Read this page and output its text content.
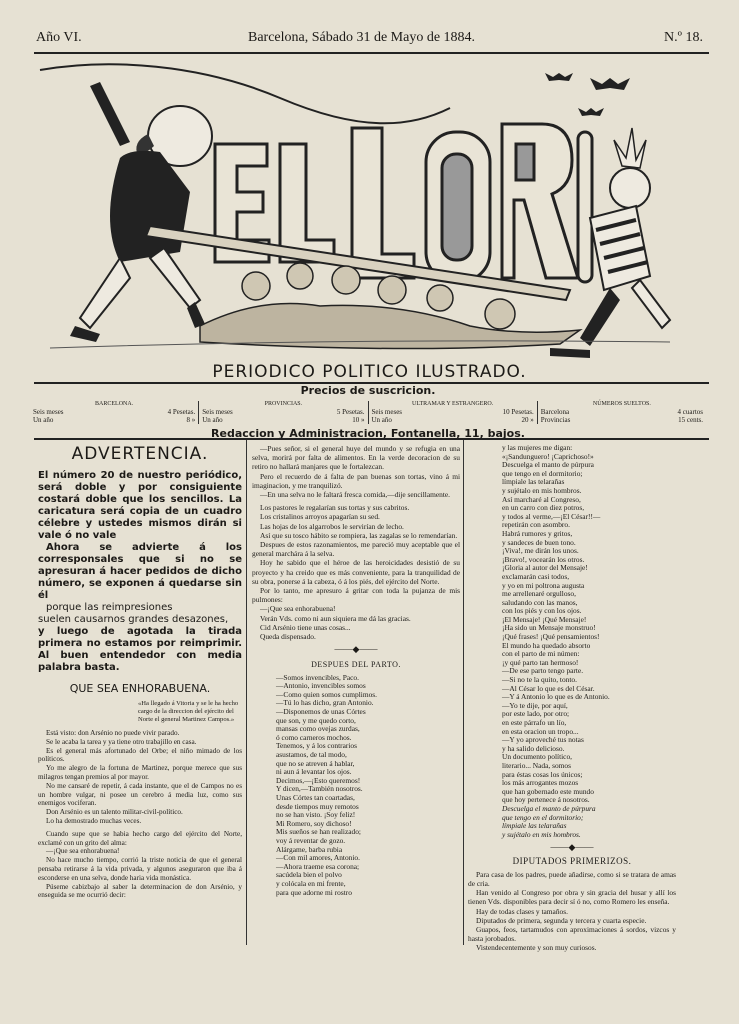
Año VI.	Barcelona, Sábado 31 de Mayo de 1884.	N.º 18.
EL LORO
PERIODICO POLITICO ILUSTRADO.
Precios de suscricion.
BARCELONA.
Seis meses	4 Pesetas.
Un año	8 »
PROVINCIAS.
Seis meses	5 Pesetas.
Un año	10 »
ULTRAMAR Y ESTRANGERO.
Seis meses	10 Pesetas.
Un año	20 »
NÚMEROS SUELTOS.
Barcelona	4 cuartos
Provincias	15 cents.
Redaccion y Administracion, Fontanella, 11, bajos.
ADVERTENCIA.

El número 20 de nuestro periódico, será doble y por consiguiente costará doble que los sencillos. La caricatura será copia de un cuadro célebre y ustedes mismos dirán si vale ó no vale

Ahora se advierte á los corresponsales que si no se apresuran á hacer pedidos de dicho número, se exponen á quedarse sin él

porque las reimpresiones

suelen causarnos grandes desazones,

y luego de agotada la tirada primera no estamos por reimprimir. Al buen entendedor con media palabra basta.

QUE SEA ENHORABUENA.
«Ha llegado á Vitoria y se le ha hecho cargo de la direccion del ejército del Norte el general Martinez Campos.»

Está visto: don Arsénio no puede vivir parado.

Se le acaba la tarea y ya tiene otro trabajillo en casa.

Es el general más afortunado del Orbe; el niño mimado de los políticos.

Yo me alegro de la fortuna de Martinez, porque merece que sus milagros tengan premios al por mayor.

No me cansaré de repetir, á cada instante, que el de Campos no es un hombre vulgar, ni posee un cerebro á media luz, como sus enemigos vociferan.

Don Arsénio es un talento militar-civil-político.

Lo ha demostrado muchas veces.

Cuando supe que se habia hecho cargo del ejército del Norte, exclamé con un grito del alma:

—¡Que sea enhorabuena!

No hace mucho tiempo, corrió la triste noticia de que el general pensaba retirarse á la vida privada, y algunos aseguraron que iba á esconderse en una selva, donde haria vida monástica.

Púseme cabizbajo al saber la determinacion de don Arsénio, y enseguida se me ocurrió decir:

—Pues señor, si el general huye del mundo y se refugia en una selva, morirá por falta de alimentos. En la verde decoracion de su retiro no hallará manjares que le fortalezcan.

Pero el recuerdo de á falta de pan buenas son tortas, vino á mi imaginacion, y me tranquilizó.

—En una selva no le faltará fresca comida,—dije sencillamente.

Los pastores le regalarían sus tortas y sus cabritos.

Los cristalinos arroyos apagarían su sed.

Las hojas de los algarrobos le servirían de lecho.

Así que su tosco hábito se rompiera, las zagalas se lo remendarían.

Despues de estos razonamientos, me pareció muy aceptable que el general marchára á la selva.

Hoy he sabido que el héroe de las heroicidades desistió de su proyecto y ha creido que es más conveniente, para la tranquilidad de su obra, ponerse á la cabeza, ó á los piés, del ejército del Norte.

Por lo tanto, me apresuro á gritar con toda la pujanza de mis pulmones:

—¡Que sea enhorabuena!

Verán Vds. como ni aun siquiera me dá las gracias.

Cid Arsénio tiene unas cosas...

Queda dispensado.

——◆——
DESPUES DEL PARTO.
—Somos invencibles, Paco.
—Antonio, invencibles somos
—Como quien somos cumplimos.
—Tú lo has dicho, gran Antonio.
—Disponemos de unas Córtes
que son, y me quedo corto,
mansas como ovejas zurdas,
ó como carneros mochos.
Tenemos, y á los contrarios
asustamos, de tal modo,
que no se atreven á hablar,
ni aun á levantar los ojos.
Decimos,—¡Esto queremos!
Y dicen,—También nosotros.
Unas Córtes tan coartadas,
desde tiempos muy remotos
no se han visto. ¡Soy feliz!
Mi Romero, soy dichoso!
Mis sueños se han realizado;
voy á reventar de gozo.
Alárgame, barba rubia
—Con mil amores, Antonio.
—Ahora traeme esa corona;
sacúdela bien el polvo
y colócala en mi frente,
para que adorne mi rostro
y las mujeres me digan:
«¡Sandunguero! ¡Caprichoso!»
Descuelga el manto de púrpura
que tengo en el dormitorio;
límpiale las telarañas
y sujétalo en mis hombros.
Así marcharé al Congreso,
en un carro con diez potros,
y todos al verme,—¡El César!!—
repetirán con asombro.
Habrá rumores y gritos,
y sandeces de buen tono.
¡Viva!, me dirán los unos.
¡Bravo!, vocearán los otros.
¡Gloria al autor del Mensaje!
exclamarán casi todos,
y yo en mi poltrona augusta
me arrellenaré orgulloso,
saludando con las manos,
con los piés y con los ojos.
¡El Mensaje! ¡Qué Mensaje!
¡Ha sido un Mensaje monstruo!
¡Qué frases! ¡Qué pensamientos!
El mundo ha quedado absorto
con el parto de mi númen:
¡y qué parto tan hermoso!
—De ese parto tengo parte.
—Si no te la quito, tonto.
—Al César lo que es del César.
—Y á Antonio lo que es de Antonio.
—Yo te dije, por aquí,
por este lado, por otro;
en este párrafo un lío,
en esta oracion un tropo...
—Y yo aproveché tus notas
y ha salido delicioso.
Un documento político,
literario... Nada, somos
para éstas cosas los únicos;
los más arrogantes mozos
que han gobernado este mundo
que hoy pertenece á nosotros.
Descuelga el manto de púrpura
que tengo en el dormitorio;
límpiale las telarañas
y sujétalo en mis hombros.
——◆——
DIPUTADOS PRIMERIZOS.

Para casa de los padres, puede añadirse, como si se tratara de amas de cria.

Han venido al Congreso por obra y sin gracia del husar y allí los tienen Vds. disponibles para decir sí ó no, como Romero les enseña.

Hay de todas clases y tamaños.

Diputados de primera, segunda y tercera y cuarta especie.

Guapos, feos, tartamudos con aproximaciones á sordos, vizcos y hasta jorobados.

Vistendecentemente y son muy curiosos.
